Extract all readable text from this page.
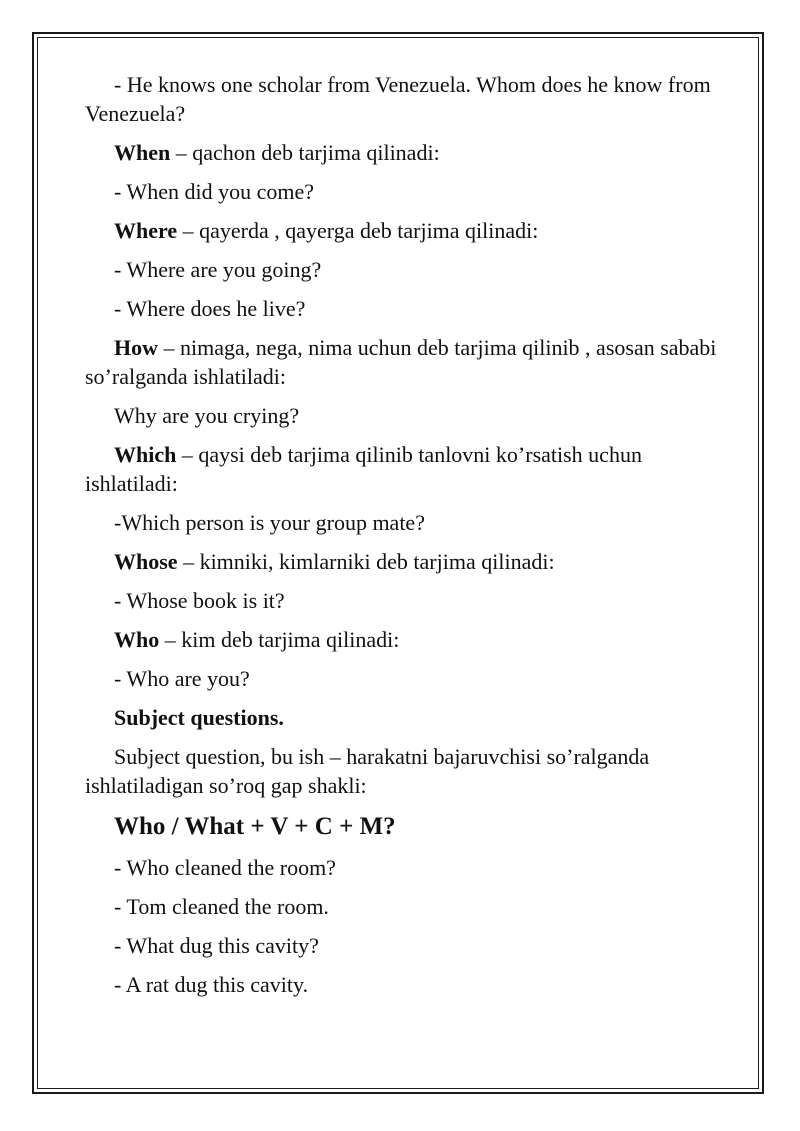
- He knows one scholar from Venezuela. Whom does he know from Venezuela?

When – qachon deb tarjima qilinadi:

- When did you come?

Where – qayerda , qayerga deb tarjima qilinadi:

- Where are you going?

- Where does he live?

How – nimaga, nega, nima uchun deb tarjima qilinib , asosan sababi so’ralganda ishlatiladi:

Why are you crying?

Which – qaysi deb tarjima qilinib tanlovni ko’rsatish uchun ishlatiladi:

-Which person is your group mate?

Whose – kimniki, kimlarniki deb tarjima qilinadi:

- Whose book is it?

Who – kim deb tarjima qilinadi:

- Who are you?

Subject questions.

Subject question, bu ish – harakatni bajaruvchisi so’ralganda ishlatiladigan so’roq gap shakli:

Who / What + V + C + M?

- Who cleaned the room?

- Tom cleaned the room.

- What dug this cavity?

- A rat dug this cavity.
